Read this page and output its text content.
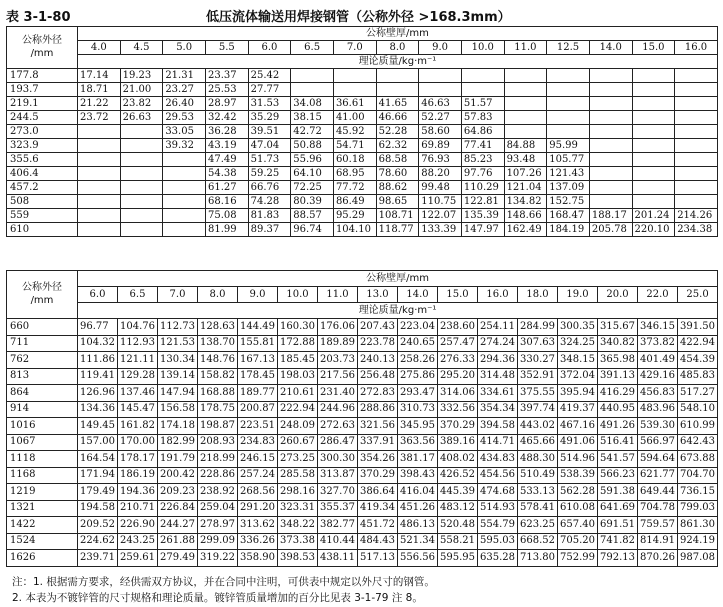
表 3-1-80	低压流体输送用焊接钢管（公称外径 >168.3mm）
公称外径
/mm	公称壁厚/mm														
	4.0	4.5	5.0	5.5	6.0	6.5	7.0	8.0	9.0	10.0	11.0	12.5	14.0	15.0	16.0
	理论质量/kg·m⁻¹														
177.8	17.14	19.23	21.31	23.37	25.42										
193.7	18.71	21.00	23.27	25.53	27.77										
219.1	21.22	23.82	26.40	28.97	31.53	34.08	36.61	41.65	46.63	51.57					
244.5	23.72	26.63	29.53	32.42	35.29	38.15	41.00	46.66	52.27	57.83					
273.0			33.05	36.28	39.51	42.72	45.92	52.28	58.60	64.86					
323.9			39.32	43.19	47.04	50.88	54.71	62.32	69.89	77.41	84.88	95.99			
355.6				47.49	51.73	55.96	60.18	68.58	76.93	85.23	93.48	105.77			
406.4				54.38	59.25	64.10	68.95	78.60	88.20	97.76	107.26	121.43			
457.2				61.27	66.76	72.25	77.72	88.62	99.48	110.29	121.04	137.09			
508				68.16	74.28	80.39	86.49	98.65	110.75	122.81	134.82	152.75			
559				75.08	81.83	88.57	95.29	108.71	122.07	135.39	148.66	168.47	188.17	201.24	214.26
610				81.99	89.37	96.74	104.10	118.77	133.39	147.97	162.49	184.19	205.78	220.10	234.38
公称外径
/mm	公称壁厚/mm															
	6.0	6.5	7.0	8.0	9.0	10.0	11.0	13.0	14.0	15.0	16.0	18.0	19.0	20.0	22.0	25.0
	理论质量/kg·m⁻¹															
660	96.77	104.76	112.73	128.63	144.49	160.30	176.06	207.43	223.04	238.60	254.11	284.99	300.35	315.67	346.15	391.50
711	104.32	112.93	121.53	138.70	155.81	172.88	189.89	223.78	240.65	257.47	274.24	307.63	324.25	340.82	373.82	422.94
762	111.86	121.11	130.34	148.76	167.13	185.45	203.73	240.13	258.26	276.33	294.36	330.27	348.15	365.98	401.49	454.39
813	119.41	129.28	139.14	158.82	178.45	198.03	217.56	256.48	275.86	295.20	314.48	352.91	372.04	391.13	429.16	485.83
864	126.96	137.46	147.94	168.88	189.77	210.61	231.40	272.83	293.47	314.06	334.61	375.55	395.94	416.29	456.83	517.27
914	134.36	145.47	156.58	178.75	200.87	222.94	244.96	288.86	310.73	332.56	354.34	397.74	419.37	440.95	483.96	548.10
1016	149.45	161.82	174.18	198.87	223.51	248.09	272.63	321.56	345.95	370.29	394.58	443.02	467.16	491.26	539.30	610.99
1067	157.00	170.00	182.99	208.93	234.83	260.67	286.47	337.91	363.56	389.16	414.71	465.66	491.06	516.41	566.97	642.43
1118	164.54	178.17	191.79	218.99	246.15	273.25	300.30	354.26	381.17	408.02	434.83	488.30	514.96	541.57	594.64	673.88
1168	171.94	186.19	200.42	228.86	257.24	285.58	313.87	370.29	398.43	426.52	454.56	510.49	538.39	566.23	621.77	704.70
1219	179.49	194.36	209.23	238.92	268.56	298.16	327.70	386.64	416.04	445.39	474.68	533.13	562.28	591.38	649.44	736.15
1321	194.58	210.71	226.84	259.04	291.20	323.31	355.37	419.34	451.26	483.12	514.93	578.41	610.08	641.69	704.78	799.03
1422	209.52	226.90	244.27	278.97	313.62	348.22	382.77	451.72	486.13	520.48	554.79	623.25	657.40	691.51	759.57	861.30
1524	224.62	243.25	261.88	299.09	336.26	373.38	410.44	484.43	521.34	558.21	595.03	668.52	705.20	741.82	814.91	924.19
1626	239.71	259.61	279.49	319.22	358.90	398.53	438.11	517.13	556.56	595.95	635.28	713.80	752.99	792.13	870.26	987.08
注：1. 根据需方要求，经供需双方协议，并在合同中注明，可供表中规定以外尺寸的钢管。
2. 本表为不镀锌管的尺寸规格和理论质量。镀锌管质量增加的百分比见表 3-1-79 注 8。
